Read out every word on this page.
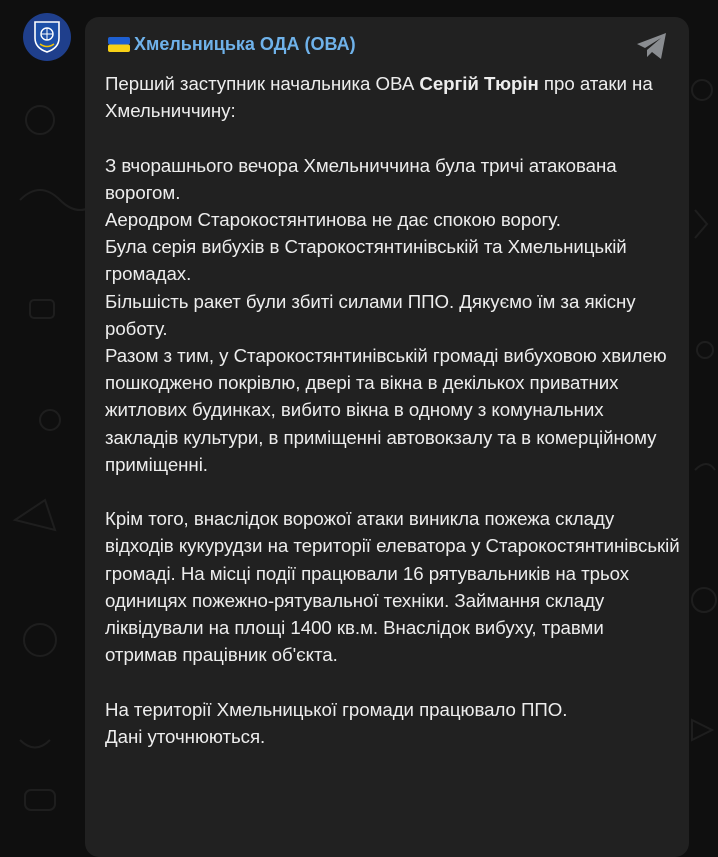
Хмельницька ОДА (ОВА)

Перший заступник начальника ОВА Сергій Тюрін про атаки на Хмельниччину:

З вчорашнього вечора Хмельниччина була тричі атакована ворогом.

Аеродром Старокостянтинова не дає спокою ворогу.

Була серія вибухів в Старокостянтинівській та Хмельницькій громадах.

Більшість ракет були збиті силами ППО. Дякуємо їм за якісну роботу.

Разом з тим, у Старокостянтинівській громаді вибуховою хвилею пошкоджено покрівлю, двері та вікна в декількох приватних житлових будинках, вибито вікна в одному з комунальних закладів культури, в приміщенні автовокзалу та в комерційному приміщенні.

Крім того, внаслідок ворожої атаки виникла пожежа складу відходів кукурудзи на території елеватора у Старокостянтинівській громаді. На місці події працювали 16 рятувальників на трьох одиницях пожежно-рятувальної техніки. Займання складу ліквідували на площі 1400 кв.м. Внаслідок вибуху, травми отримав працівник об'єкта.

На території Хмельницької громади працювало ППО.

Дані уточнюються.
